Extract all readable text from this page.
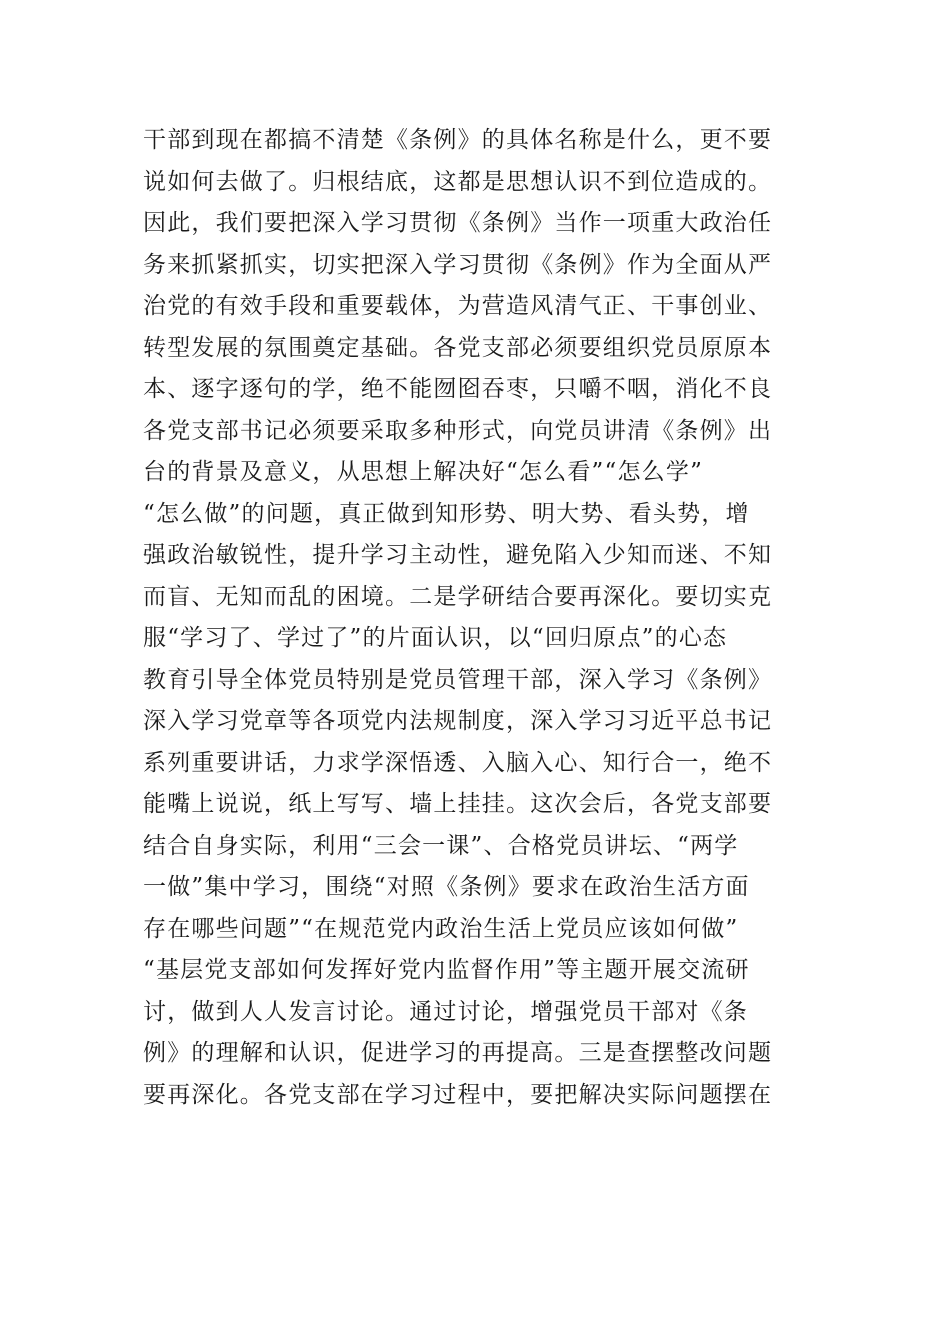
干部到现在都搞不清楚《条例》的具体名称是什么，更不要
说如何去做了。归根结底，这都是思想认识不到位造成的。
因此，我们要把深入学习贯彻《条例》当作一项重大政治任
务来抓紧抓实，切实把深入学习贯彻《条例》作为全面从严
治党的有效手段和重要载体，为营造风清气正、干事创业、
转型发展的氛围奠定基础。各党支部必须要组织党员原原本
本、逐字逐句的学，绝不能囫囵吞枣，只嚼不咽，消化不良
各党支部书记必须要采取多种形式，向党员讲清《条例》出
台的背景及意义，从思想上解决好“怎么看”“怎么学”
“怎么做”的问题，真正做到知形势、明大势、看头势，增
强政治敏锐性，提升学习主动性，避免陷入少知而迷、不知
而盲、无知而乱的困境。二是学研结合要再深化。要切实克
服“学习了、学过了”的片面认识，以“回归原点”的心态
教育引导全体党员特别是党员管理干部，深入学习《条例》
深入学习党章等各项党内法规制度，深入学习习近平总书记
系列重要讲话，力求学深悟透、入脑入心、知行合一，绝不
能嘴上说说，纸上写写、墙上挂挂。这次会后，各党支部要
结合自身实际，利用“三会一课”、合格党员讲坛、“两学
一做”集中学习，围绕“对照《条例》要求在政治生活方面
存在哪些问题”“在规范党内政治生活上党员应该如何做”
“基层党支部如何发挥好党内监督作用”等主题开展交流研
讨，做到人人发言讨论。通过讨论，增强党员干部对《条
例》的理解和认识，促进学习的再提高。三是查摆整改问题
要再深化。各党支部在学习过程中，要把解决实际问题摆在
